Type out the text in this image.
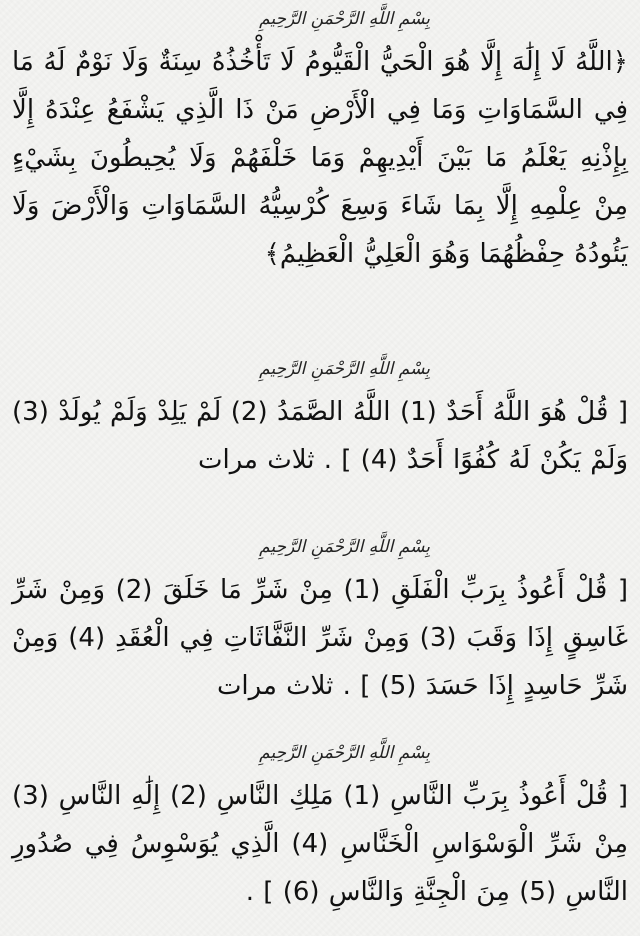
بِسْمِ اللَّهِ الرَّحْمَنِ الرَّحِيمِ

﴿اللَّهُ لَا إِلَٰهَ إِلَّا هُوَ الْحَيُّ الْقَيُّومُ لَا تَأْخُذُهُ سِنَةٌ وَلَا نَوْمٌ لَهُ مَا فِي السَّمَاوَاتِ وَمَا فِي الْأَرْضِ مَنْ ذَا الَّذِي يَشْفَعُ عِنْدَهُ إِلَّا بِإِذْنِهِ يَعْلَمُ مَا بَيْنَ أَيْدِيهِمْ وَمَا خَلْفَهُمْ وَلَا يُحِيطُونَ بِشَيْءٍ مِنْ عِلْمِهِ إِلَّا بِمَا شَاءَ وَسِعَ كُرْسِيُّهُ السَّمَاوَاتِ وَالْأَرْضَ وَلَا يَئُودُهُ حِفْظُهُمَا وَهُوَ الْعَلِيُّ الْعَظِيمُ﴾

بِسْمِ اللَّهِ الرَّحْمَنِ الرَّحِيمِ

[ قُلْ هُوَ اللَّهُ أَحَدٌ (1) اللَّهُ الصَّمَدُ (2) لَمْ يَلِدْ وَلَمْ يُولَدْ (3) وَلَمْ يَكُنْ لَهُ كُفُوًا أَحَدٌ (4) ] . ثلاث مرات

بِسْمِ اللَّهِ الرَّحْمَنِ الرَّحِيمِ

[ قُلْ أَعُوذُ بِرَبِّ الْفَلَقِ (1) مِنْ شَرِّ مَا خَلَقَ (2) وَمِنْ شَرِّ غَاسِقٍ إِذَا وَقَبَ (3) وَمِنْ شَرِّ النَّفَّاثَاتِ فِي الْعُقَدِ (4) وَمِنْ شَرِّ حَاسِدٍ إِذَا حَسَدَ (5) ] . ثلاث مرات

بِسْمِ اللَّهِ الرَّحْمَنِ الرَّحِيمِ

[ قُلْ أَعُوذُ بِرَبِّ النَّاسِ (1) مَلِكِ النَّاسِ (2) إِلَٰهِ النَّاسِ (3) مِنْ شَرِّ الْوَسْوَاسِ الْخَنَّاسِ (4) الَّذِي يُوَسْوِسُ فِي صُدُورِ النَّاسِ (5) مِنَ الْجِنَّةِ وَالنَّاسِ (6) ] .
